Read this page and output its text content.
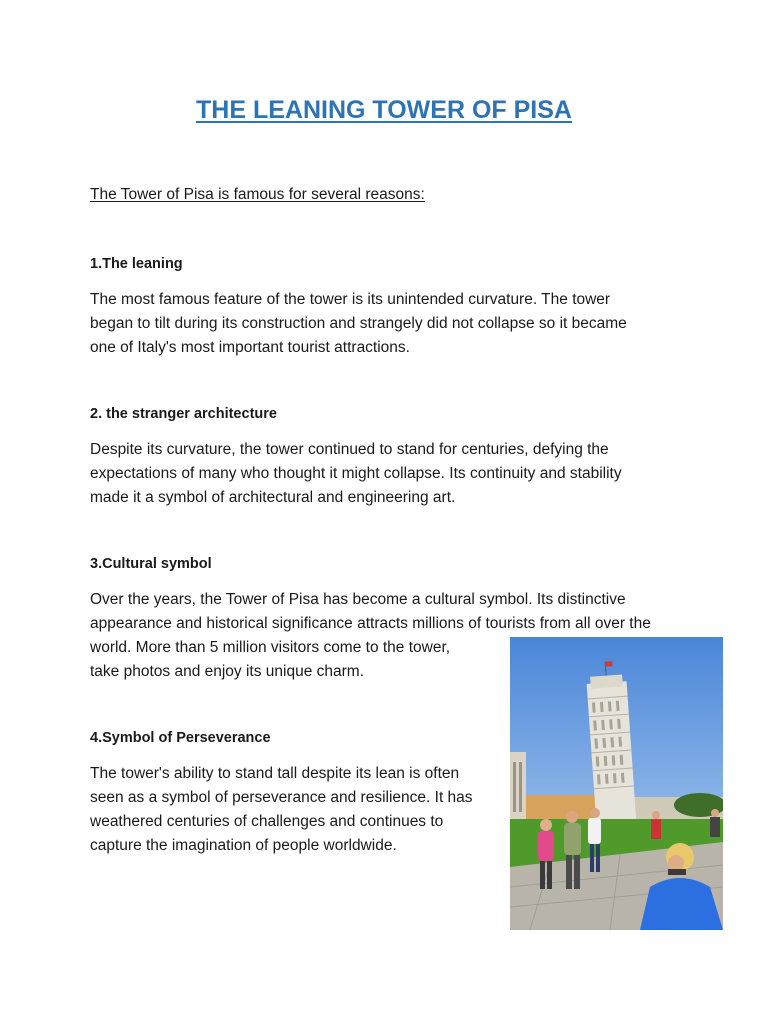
THE LEANING TOWER OF PISA

The Tower of Pisa is famous for several reasons:

1.The leaning

The most famous feature of the tower is its unintended curvature. The tower
began to tilt during its construction and strangely did not collapse so it became
one of Italy's most important tourist attractions.

2. the stranger architecture

Despite its curvature, the tower continued to stand for centuries, defying the
expectations of many who thought it might collapse. Its continuity and stability
made it a symbol of architectural and engineering art.

3.Cultural symbol

Over the years, the Tower of Pisa has become a cultural symbol. Its distinctive
appearance and historical significance attracts millions of tourists from all over the
world. More than 5 million visitors come to the tower,
take photos and enjoy its unique charm.

4.Symbol of Perseverance

The tower's ability to stand tall despite its lean is often
seen as a symbol of perseverance and resilience. It has
weathered centuries of challenges and continues to
capture the imagination of people worldwide.
